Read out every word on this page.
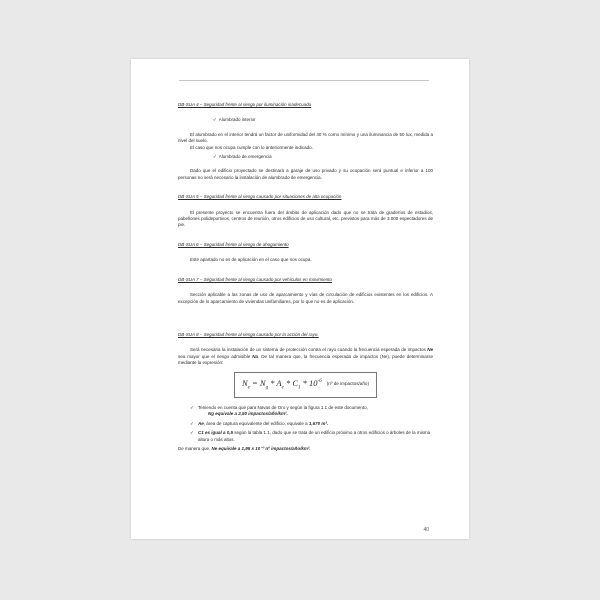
DB-SUA 4 – Seguridad frente al riesgo por iluminación inadecuada
✓ Alumbrado interior
El alumbrado en el interior tendrá un factor de uniformidad del 40 % como mínimo y una iluminancia de 50 lux, medida a nivel del suelo.
El caso que nos ocupa cumple con lo anteriormente indicado.
✓ Alumbrado de emergencia
Dado que el edificio proyectado se destinará a garaje de uso privado y su ocupación será puntual e inferior a 100 personas no será necesario la instalación de alumbrado de emergencia.
DB-SUA 5 – Seguridad frente al riesgo causado por situaciones de alta ocupación
El presente proyecto se encuentra fuera del ámbito de aplicación dado que no se trata de graderíos de estadios, pabellones polideportivos, centros de reunión, otros edificios de uso cultural, etc. previstos para más de 3.000 espectadores de pie.
DB-SUA 6 – Seguridad frente al riesgo de ahogamiento
Este apartado no es de aplicación en el caso que nos ocupa.
DB-SUA 7 – Seguridad frente al riesgo causado por vehículos en movimiento
Sección aplicable a las zonas de uso de aparcamiento y vías de circulación de edificios existentes en los edificios. A excepción de lo aparcamiento de viviendas unifamiliares, por lo que no es de aplicación.
DB-SUA 8 – Seguridad frente al riesgo causado por la acción del rayo.
Será necesaria la instalación de un sistema de protección contra el rayo cuando la frecuencia esperada de impactos Ne sea mayor que el riesgo admisible Na. De tal manera que, la frecuencia esperada de impactos (Ne), puede determinarse mediante la expresión:
$N_e = N_g * A_e * C_1$ * $10^{-6}(nº$ de impactos/año)
✓ Teniendo en cuenta que para Navas de Oro y según la figura 1.1 de este documento,
Ng equivale a 2,50 impactos/año/km².
✓ Ae, área de captura equivalente del edificio, equivale a 1,670 m².
✓ C1 es igual a 0,5 según la tabla 1.1, dado que se trata de un edificio próximo a otros edificios o árboles de la misma altura o más altos.
De manera que, Ne equivale a 1,95 x 10⁻³ nº impactos/año/km².
40
